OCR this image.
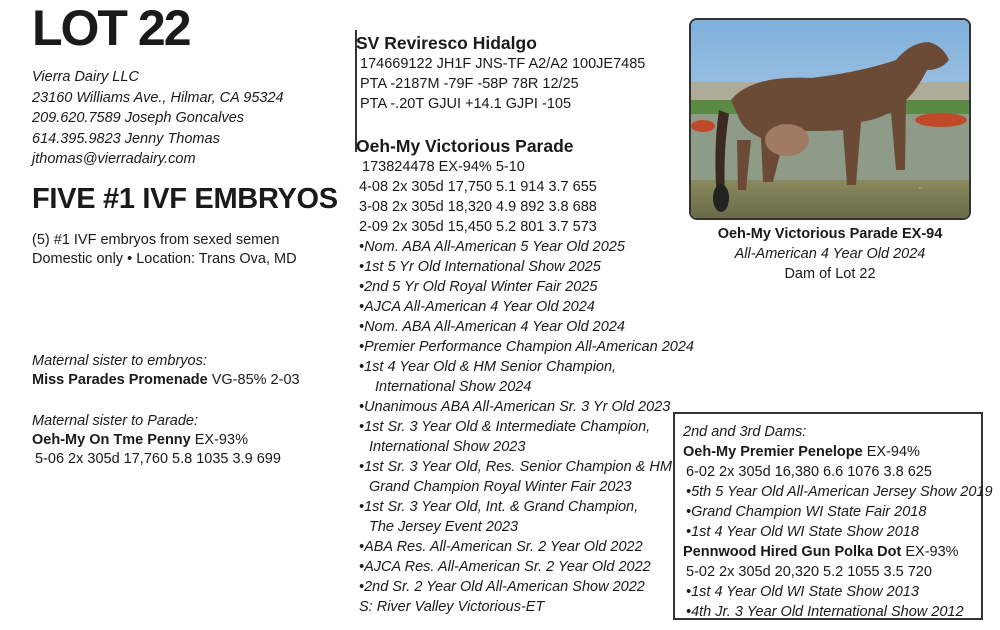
LOT 22
Vierra Dairy LLC
23160 Williams Ave., Hilmar, CA 95324
209.620.7589 Joseph Goncalves
614.395.9823 Jenny Thomas
jthomas@vierradairy.com
FIVE #1 IVF EMBRYOS
(5) #1 IVF embryos from sexed semen
Domestic only • Location: Trans Ova, MD
Maternal sister to embryos:
Miss Parades Promenade VG-85% 2-03
Maternal sister to Parade:
Oeh-My On Tme Penny EX-93%
5-06 2x 305d 17,760 5.8 1035 3.9 699
SV Reviresco Hidalgo
174669122 JH1F JNS-TF A2/A2 100JE7485
PTA -2187M -79F -58P 78R 12/25
PTA -.20T GJUI +14.1 GJPI -105
Oeh-My Victorious Parade
173824478 EX-94% 5-10
4-08 2x 305d 17,750 5.1 914 3.7 655
3-08 2x 305d 18,320 4.9 892 3.8 688
2-09 2x 305d 15,450 5.2 801 3.7 573
•Nom. ABA All-American 5 Year Old 2025
•1st 5 Yr Old International Show 2025
•2nd 5 Yr Old Royal Winter Fair 2025
•AJCA All-American 4 Year Old 2024
•Nom. ABA All-American 4 Year Old 2024
•Premier Performance Champion All-American 2024
•1st 4 Year Old & HM Senior Champion,
International Show 2024
•Unanimous ABA All-American Sr. 3 Yr Old 2023
•1st Sr. 3 Year Old & Intermediate Champion,
International Show 2023
•1st Sr. 3 Year Old, Res. Senior Champion & HM
Grand Champion Royal Winter Fair 2023
•1st Sr. 3 Year Old, Int. & Grand Champion,
The Jersey Event 2023
•ABA Res. All-American Sr. 2 Year Old 2022
•AJCA Res. All-American Sr. 2 Year Old 2022
•2nd Sr. 2 Year Old All-American Show 2022
S: River Valley Victorious-ET
~
Oeh-My Victorious Parade EX-94
All-American 4 Year Old 2024
Dam of Lot 22
2nd and 3rd Dams:
Oeh-My Premier Penelope EX-94%
6-02 2x 305d 16,380 6.6 1076 3.8 625
•5th 5 Year Old All-American Jersey Show 2019
•Grand Champion WI State Fair 2018
•1st 4 Year Old WI State Show 2018
Pennwood Hired Gun Polka Dot EX-93%
5-02 2x 305d 20,320 5.2 1055 3.5 720
•1st 4 Year Old WI State Show 2013
•4th Jr. 3 Year Old International Show 2012
